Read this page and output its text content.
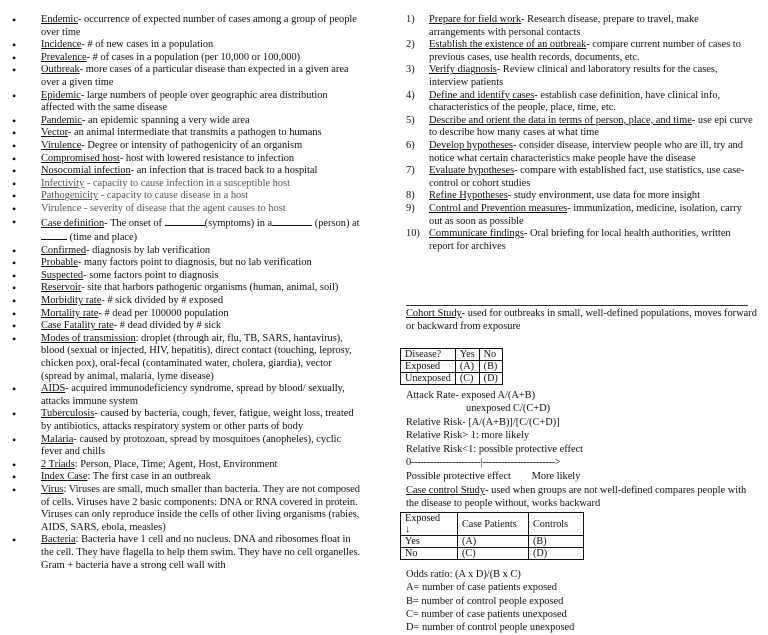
• Endemic- occurrence of expected number of cases among a group of people over time
• Incidence- # of new cases in a population
• Prevalence- # of cases in a population (per 10,000 or 100,000)
• Outbreak- more cases of a particular disease than expected in a given area over a given time
• Epidemic- large numbers of people over geographic area distribution affected with the same disease
• Pandemic- an epidemic spanning a very wide area
• Vector- an animal intermediate that transmits a pathogen to humans
• Virulence- Degree or intensity of pathogenicity of an organism
• Compromised host- host with lowered resistance to infection
• Nosocomial infection- an infection that is traced back to a hospital
• Infectivity - capacity to cause infection in a susceptible host
• Pathogenicity - capacity to cause disease in a host
• Virulence - severity of disease that the agent causes to host
• Case definition- The onset of	(symptoms) in a	(person) at
(time and place)
• Confirmed- diagnosis by lab verification
• Probable- many factors point to diagnosis, but no lab verification
• Suspected- some factors point to diagnosis
• Reservoir- site that harbors pathogenic organisms (human, animal, soil)
• Morbidity rate- # sick divided by # exposed
• Mortality rate- # dead per 100000 population
• Case Fatality rate- # dead divided by # sick
• Modes of transmission: droplet (through air, flu, TB, SARS, hantavirus), blood (sexual or injected, HIV, hepatitis), direct contact (touching, leprosy, chicken pox), oral-fecal (contaminated water, cholera, giardia), vector (spread by animal, malaria, lyme disease)
• AIDS- acquired immunodeficiency syndrome, spread by blood/ sexually, attacks immune system
• Tuberculosis- caused by bacteria, cough, fever, fatigue, weight loss, treated by antibiotics, attacks respiratory system or other parts of body
• Malaria- caused by protozoan, spread by mosquitoes (anopheles), cyclic fever and chills
• 2 Triads: Person, Place, Time; Agent, Host, Environment
• Index Case: The first case in an outbreak
• Virus: Viruses are small, much smaller than bacteria. They are not composed of cells. Viruses have 2 basic components: DNA or RNA covered in protein. Viruses can only reproduce inside the cells of other living organisms (rabies, AIDS, SARS, ebola, measles)
• Bacteria: Bacteria have 1 cell and no nucleus. DNA and ribosomes float in the cell. They have flagella to help them swim. They have no cell organelles. Gram + bacteria have a strong cell wall with
1) Prepare for field work- Research disease, prepare to travel, make arrangements with personal contacts
2) Establish the existence of an outbreak- compare current number of cases to previous cases, use health records, documents, etc.
3) Verify diagnosis- Review clinical and laboratory results for the cases, interview patients
4) Define and identify cases- establish case definition, have clinical info, characteristics of the people, place, time, etc.
5) Describe and orient the data in terms of person, place, and time- use epi curve to describe how many cases at what time
6) Develop hypotheses- consider disease, interview people who are ill, try and notice what certain characteristics make people have the disease
7) Evaluate hypotheses- compare with established fact, use statistics, use case-control or cohort studies
8) Refine Hypotheses- study environment, use data for more insight
9) Control and Prevention measures- immunization, medicine, isolation, carry out as soon as possible
10) Communicate findings- Oral briefing for local health authorities, written report for archives
Cohort Study- used for outbreaks in small, well-defined populations, moves forward or backward from exposure
Disease?	Yes	No
Exposed	(A)	(B)
Unexposed	(C)	(D)
Attack Rate- exposed A/(A+B)
unexposed C/(C+D)
Relative Risk- [A/(A+B)]/[C/(C+D)]
Relative Risk> 1: more likely
Relative Risk<1: possible protective effect
0----------------------|----------------------->
Possible protective effect        More likely
Case control Study- used when groups are not well-defined compares people with the disease to people without, works backward
Exposed
↓	Case Patients	Controls
Yes	(A)	(B)
No	(C)	(D)
Odds ratio: (A x D)/(B x C)
A= number of case patients exposed
B= number of control people exposed
C= number of case patients unexposed
D= number of control people unexposed
